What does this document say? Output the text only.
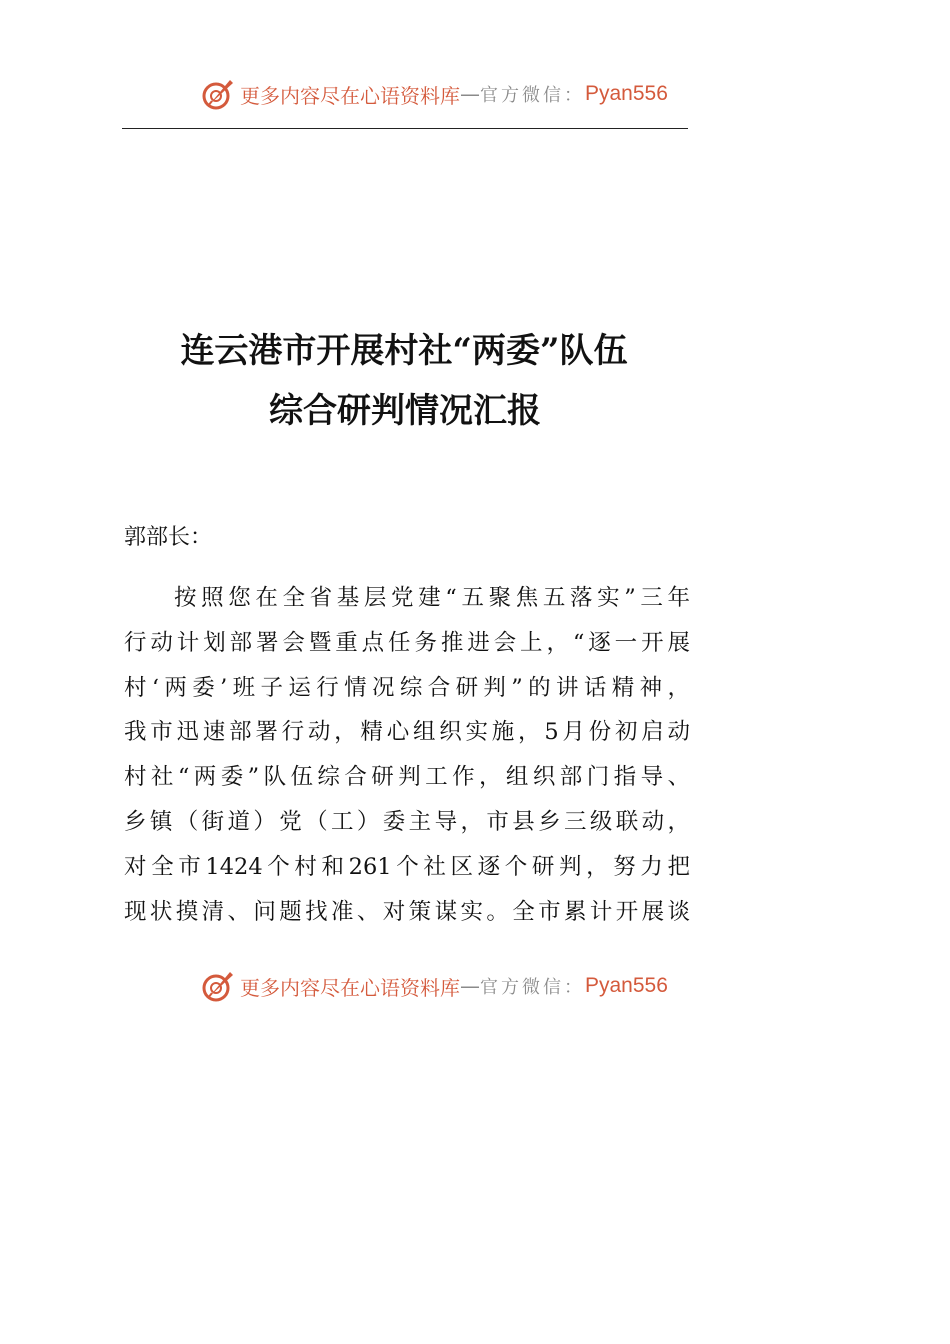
更多内容尽在心语资料库 — 官方微信： Pyan556
连云港市开展村社“两委”队伍
综合研判情况汇报
郭部长：
按照您在全省基层党建“五聚焦五落实”三年
行动计划部署会暨重点任务推进会上，“逐一开展
村‘两委’班子运行情况综合研判”的讲话精神，
我市迅速部署行动，精心组织实施，5月份初启动
村社“两委”队伍综合研判工作，组织部门指导、
乡镇（街道）党（工）委主导，市县乡三级联动，
对全市1424个村和261个社区逐个研判，努力把
现状摸清、问题找准、对策谋实。全市累计开展谈
更多内容尽在心语资料库 — 官方微信： Pyan556
